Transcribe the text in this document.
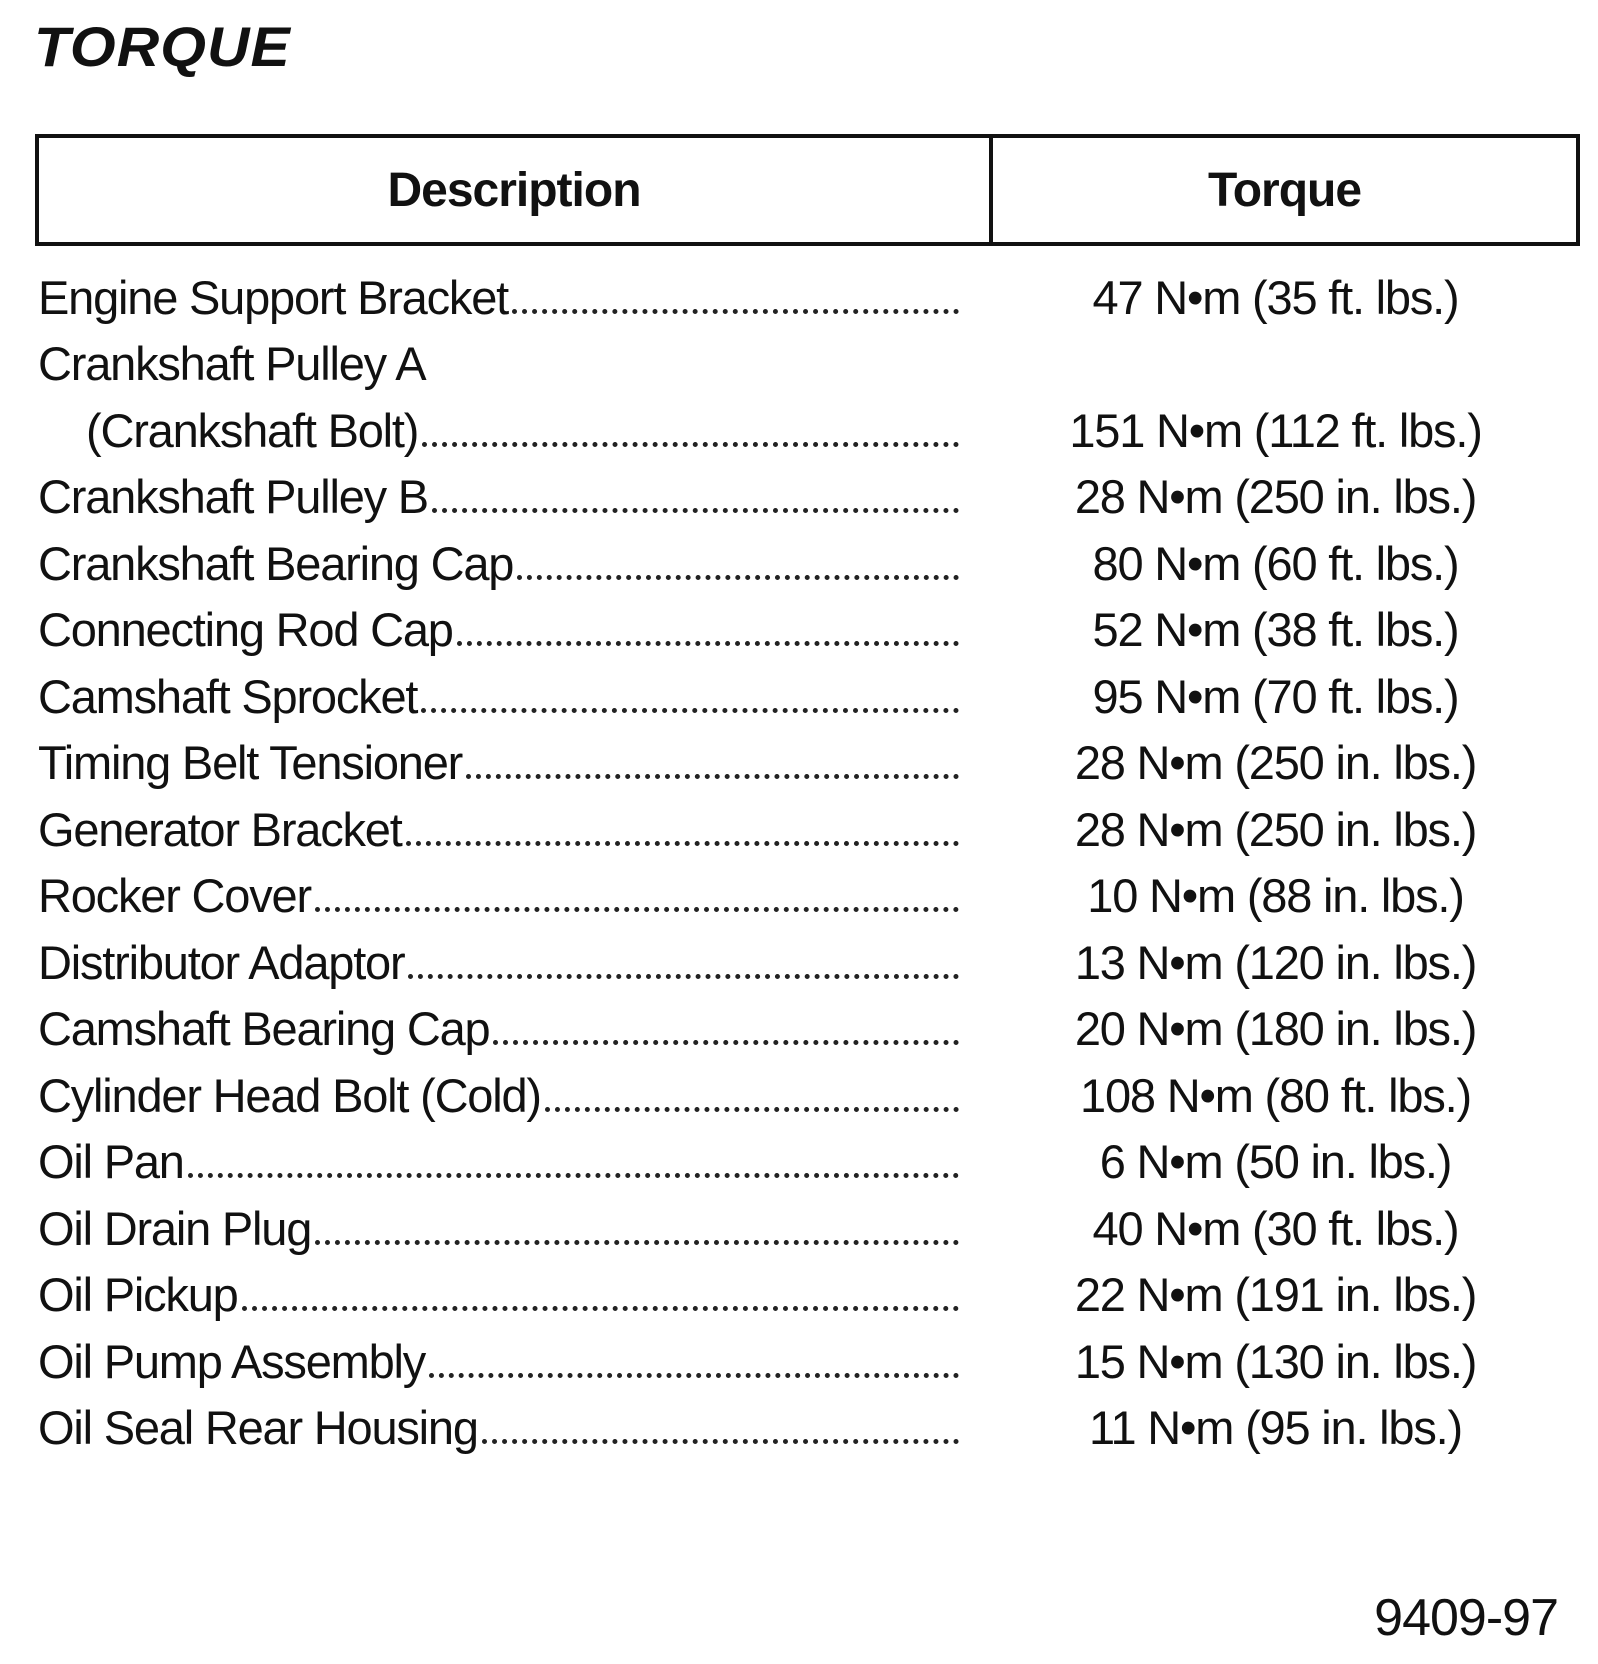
TORQUE
Description	Torque
Engine Support Bracket	47 N•m (35 ft. lbs.)
Crankshaft Pulley A
(Crankshaft Bolt)	151 N•m (112 ft. lbs.)
Crankshaft Pulley B	28 N•m (250 in. lbs.)
Crankshaft Bearing Cap	80 N•m (60 ft. lbs.)
Connecting Rod Cap	52 N•m (38 ft. lbs.)
Camshaft Sprocket	95 N•m (70 ft. lbs.)
Timing Belt Tensioner	28 N•m (250 in. lbs.)
Generator Bracket	28 N•m (250 in. lbs.)
Rocker Cover	10 N•m (88 in. lbs.)
Distributor Adaptor	13 N•m (120 in. lbs.)
Camshaft Bearing Cap	20 N•m (180 in. lbs.)
Cylinder Head Bolt (Cold)	108 N•m (80 ft. lbs.)
Oil Pan	6 N•m (50 in. lbs.)
Oil Drain Plug	40 N•m (30 ft. lbs.)
Oil Pickup	22 N•m (191 in. lbs.)
Oil Pump Assembly	15 N•m (130 in. lbs.)
Oil Seal Rear Housing	11 N•m (95 in. lbs.)
9409-97
